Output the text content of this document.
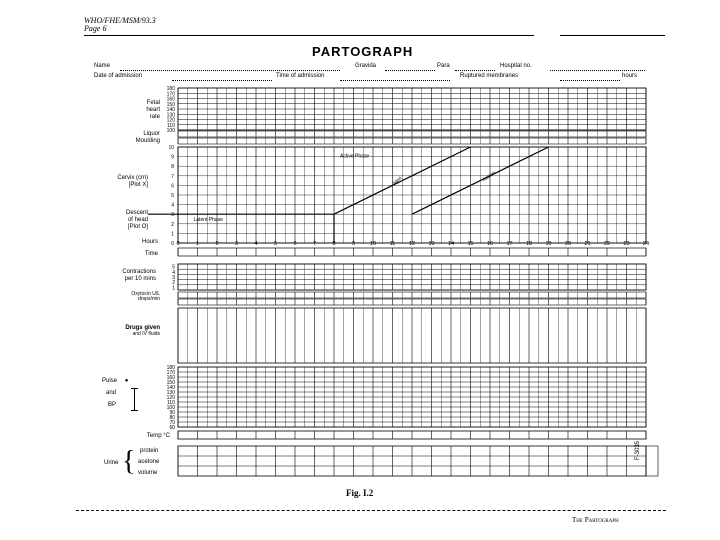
WHO/FHE/MSM/93.3
Page 6
PARTOGRAPH
Name	Gravida	Para	Hospital no.
Date of admission	Time of admission	Ruptured membranes	hours
Fetal
heart
rate
Liquor
Moulding
Cervix (cm)
[Plot X]
Descent
of head
[Plot O]
Hours
Time
Contractions
per 10 mins
Oxytocin U/L
drops/min
Drugs given
and IV fluids
Pulse ●
and
BP
Temp °C
Urine { protein
acetone
volume
180
170
160
150
140
130
120
110
100
10
9
8
7
6
5
4
3
2
1
0 0	1	2	3	4	5	6	7	8	9	10 11 12 13 14 15 16 17 18 19 20 21 22 23 24
Active Phase
Alert	Action
Latent Phase
5
4
3
2
1
180
170
160
150
140
130
120
110
100
90
80
70
60
F-3035
Fig. I.2
The Partograph
